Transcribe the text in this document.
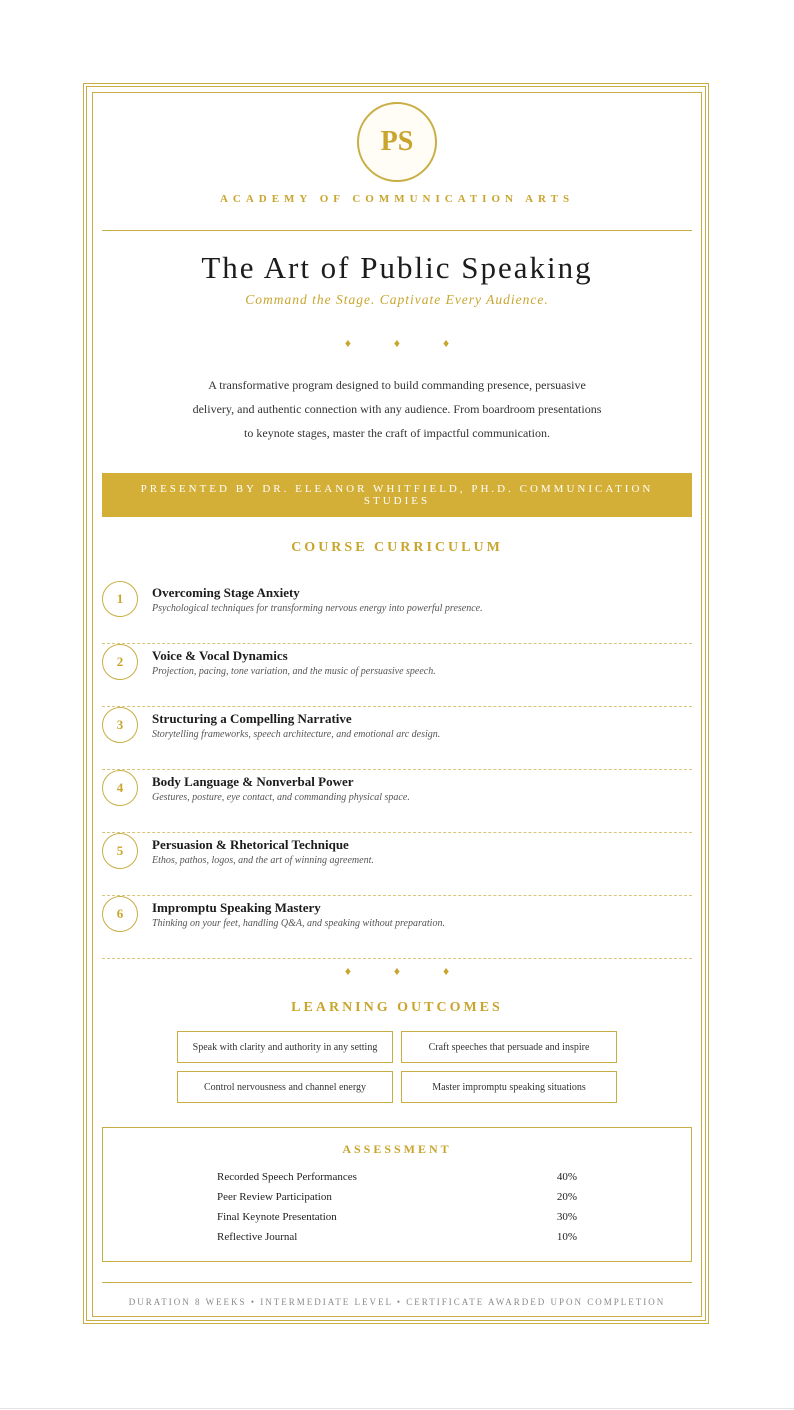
PS
ACADEMY OF COMMUNICATION ARTS
The Art of Public Speaking
Command the Stage. Captivate Every Audience.
♦ ♦ ♦
A transformative program designed to build commanding presence, persuasive
delivery, and authentic connection with any audience. From boardroom presentations
to keynote stages, master the craft of impactful communication.
PRESENTED BY DR. ELEANOR WHITFIELD, PH.D. COMMUNICATION STUDIES
COURSE CURRICULUM
1	Overcoming Stage Anxiety
Psychological techniques for transforming nervous energy into powerful presence.
2	Voice & Vocal Dynamics
Projection, pacing, tone variation, and the music of persuasive speech.
3	Structuring a Compelling Narrative
Storytelling frameworks, speech architecture, and emotional arc design.
4	Body Language & Nonverbal Power
Gestures, posture, eye contact, and commanding physical space.
5	Persuasion & Rhetorical Technique
Ethos, pathos, logos, and the art of winning agreement.
6	Impromptu Speaking Mastery
Thinking on your feet, handling Q&A, and speaking without preparation.
♦ ♦ ♦
LEARNING OUTCOMES
Speak with clarity and authority in any setting	Craft speeches that persuade and inspire
Control nervousness and channel energy	Master impromptu speaking situations
ASSESSMENT
Recorded Speech Performances	40%
Peer Review Participation	20%
Final Keynote Presentation	30%
Reflective Journal	10%
DURATION 8 WEEKS • INTERMEDIATE LEVEL • CERTIFICATE AWARDED UPON COMPLETION
